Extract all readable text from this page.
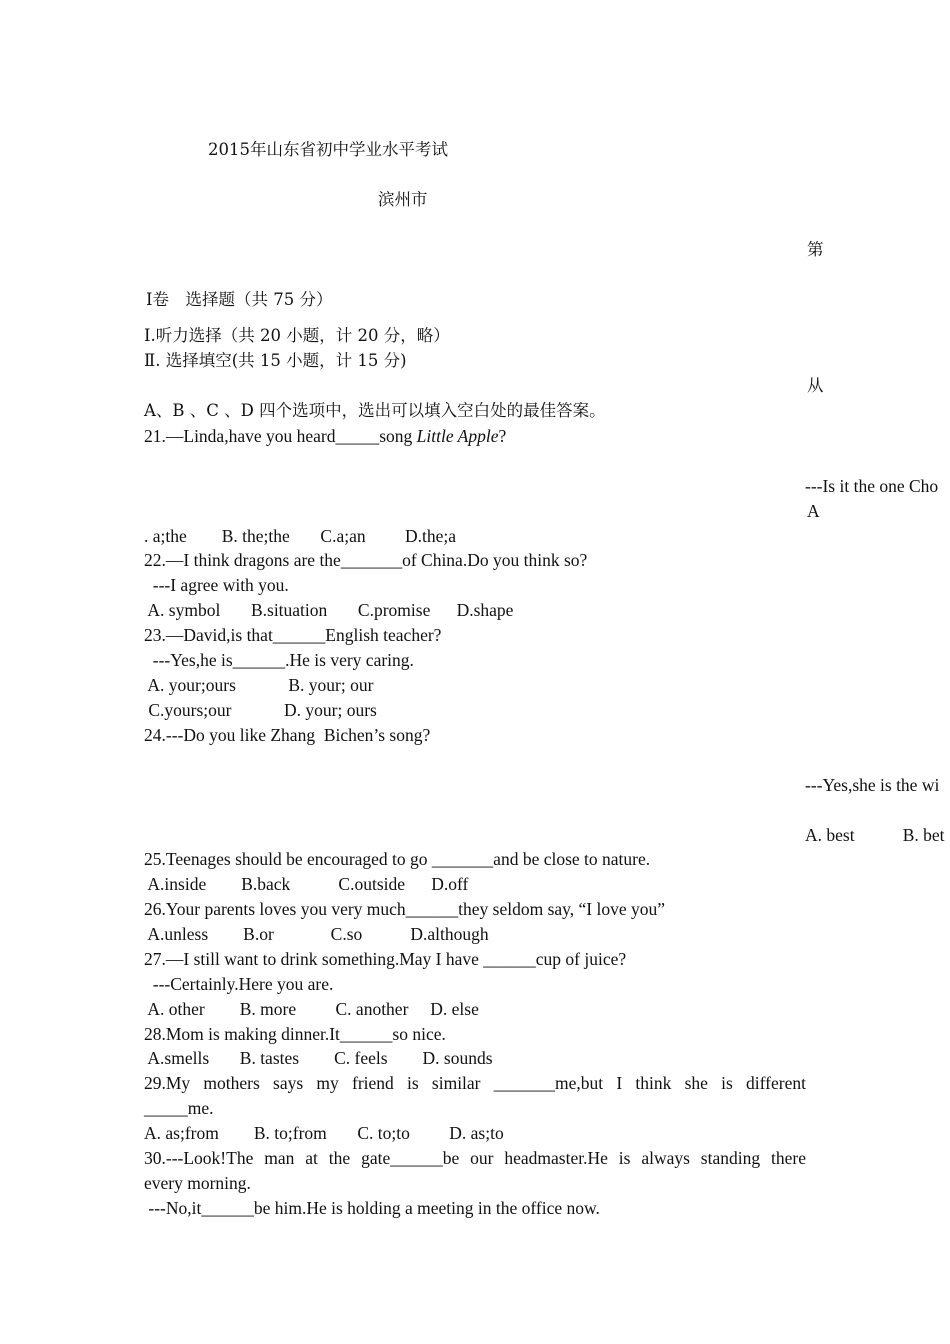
2015年山东省初中学业水平考试
滨州市
第
Ⅰ卷　选择题（共 75 分）
I.听力选择（共 20 小题，计 20 分，略）
Ⅱ. 选择填空(共 15 小题，计 15 分)
从
A、B 、C 、D 四个选项中，选出可以填入空白处的最佳答案。
21.—Linda,have you heard_____song Little Apple?
---Is it the one Cho
A
. a;the        B. the;the       C.a;an         D.the;a
22.—I think dragons are the_______of China.Do you think so?
---I agree with you.
A. symbol       B.situation       C.promise      D.shape
23.—David,is that______English teacher?
---Yes,he is______.He is very caring.
A. your;ours            B. your; our
C.yours;our            D. your; ours
24.---Do you like Zhang  Bichen’s song?
---Yes,she is the wi
A. best           B. bet
25.Teenages should be encouraged to go _______and be close to nature.
A.inside        B.back           C.outside      D.off
26.Your parents loves you very much______they seldom say, “I love you”
A.unless        B.or             C.so           D.although
27.—I still want to drink something.May I have ______cup of juice?
---Certainly.Here you are.
A. other        B. more         C. another     D. else
28.Mom is making dinner.It______so nice.
A.smells       B. tastes        C. feels        D. sounds
29.My mothers says my friend is similar _______me,but I think she is different
_____me.
A. as;from        B. to;from       C. to;to         D. as;to
30.---Look!The man at the gate______be our headmaster.He is always standing there
every morning.
---No,it______be him.He is holding a meeting in the office now.
